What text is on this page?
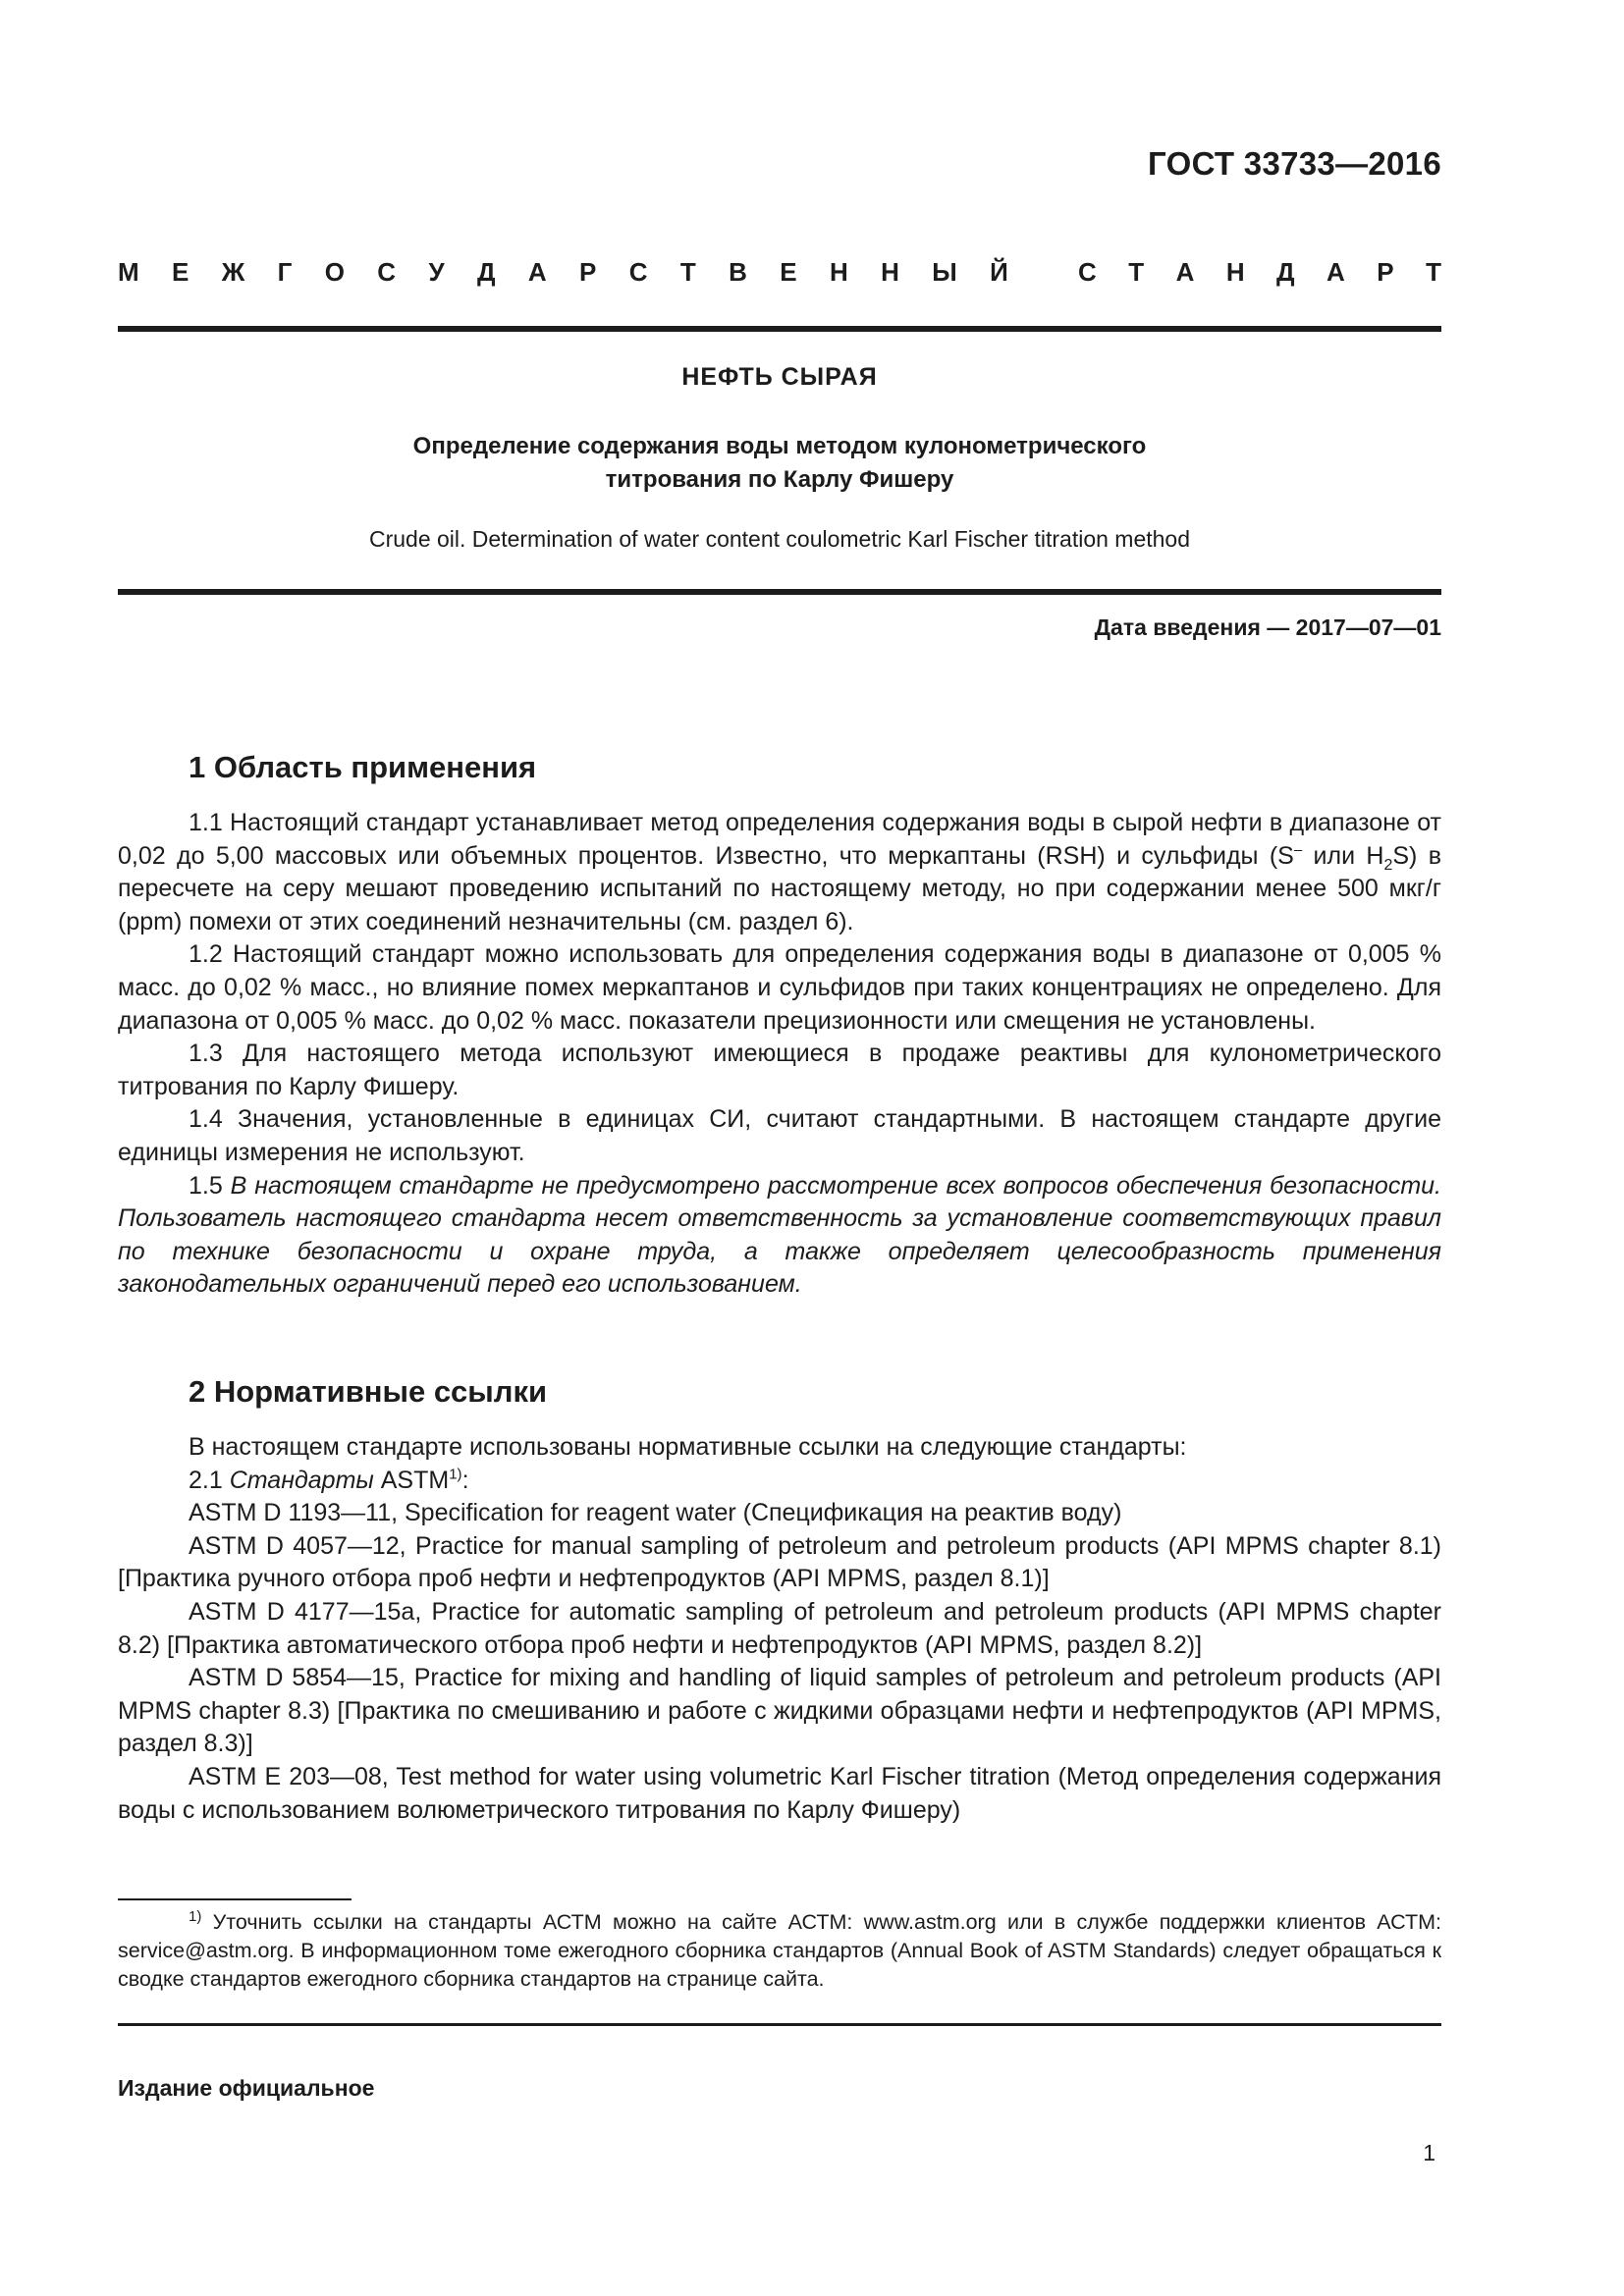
ГОСТ 33733—2016
М Е Ж Г О С У Д А Р С Т В Е Н Н Ы Й	С Т А Н Д А Р Т
НЕФТЬ СЫРАЯ
Определение содержания воды методом кулонометрического
титрования по Карлу Фишеру
Crude oil. Determination of water content coulometric Karl Fischer titration method
Дата введения — 2017—07—01
1 Область применения

1.1 Настоящий стандарт устанавливает метод определения содержания воды в сырой нефти в диапазоне от 0,02 до 5,00 массовых или объемных процентов. Известно, что меркаптаны (RSH) и сульфиды (S– или $H_2S$) в пересчете на серу мешают проведению испытаний по настоящему методу, но при содержании менее 500 мкг/г (ppm) помехи от этих соединений незначительны (см. раздел 6).

1.2 Настоящий стандарт можно использовать для определения содержания воды в диапазоне от 0,005 % масс. до 0,02 % масс., но влияние помех меркаптанов и сульфидов при таких концентрациях не определено. Для диапазона от 0,005 % масс. до 0,02 % масс. показатели прецизионности или смещения не установлены.

1.3 Для настоящего метода используют имеющиеся в продаже реактивы для кулонометрического титрования по Карлу Фишеру.

1.4 Значения, установленные в единицах СИ, считают стандартными. В настоящем стандарте другие единицы измерения не используют.

1.5 В настоящем стандарте не предусмотрено рассмотрение всех вопросов обеспечения безопасности. Пользователь настоящего стандарта несет ответственность за установление соответствующих правил по технике безопасности и охране труда, а также определяет целесообразность применения законодательных ограничений перед его использованием.

2 Нормативные ссылки

В настоящем стандарте использованы нормативные ссылки на следующие стандарты:

2.1 Стандарты ASTM$^{1)}$:

ASTM D 1193—11, Specification for reagent water (Спецификация на реактив воду)

ASTM D 4057—12, Practice for manual sampling of petroleum and petroleum products (API MPMS chapter 8.1) [Практика ручного отбора проб нефти и нефтепродуктов (API MPMS, раздел 8.1)]

ASTM D 4177—15a, Practice for automatic sampling of petroleum and petroleum products (API MPMS chapter 8.2) [Практика автоматического отбора проб нефти и нефтепродуктов (API MPMS, раздел 8.2)]

ASTM D 5854—15, Practice for mixing and handling of liquid samples of petroleum and petroleum products (API MPMS chapter 8.3) [Практика по смешиванию и работе с жидкими образцами нефти и нефтепродуктов (API MPMS, раздел 8.3)]

ASTM E 203—08, Test method for water using volumetric Karl Fischer titration (Метод определения содержания воды с использованием волюметрического титрования по Карлу Фишеру)

$^{1)}$ Уточнить ссылки на стандарты АСТМ можно на сайте АСТМ: www.astm.org или в службе поддержки клиентов АСТМ: service@astm.org. В информационном томе ежегодного сборника стандартов (Annual Book of ASTM Standards) следует обращаться к сводке стандартов ежегодного сборника стандартов на странице сайта.

Издание официальное
1
